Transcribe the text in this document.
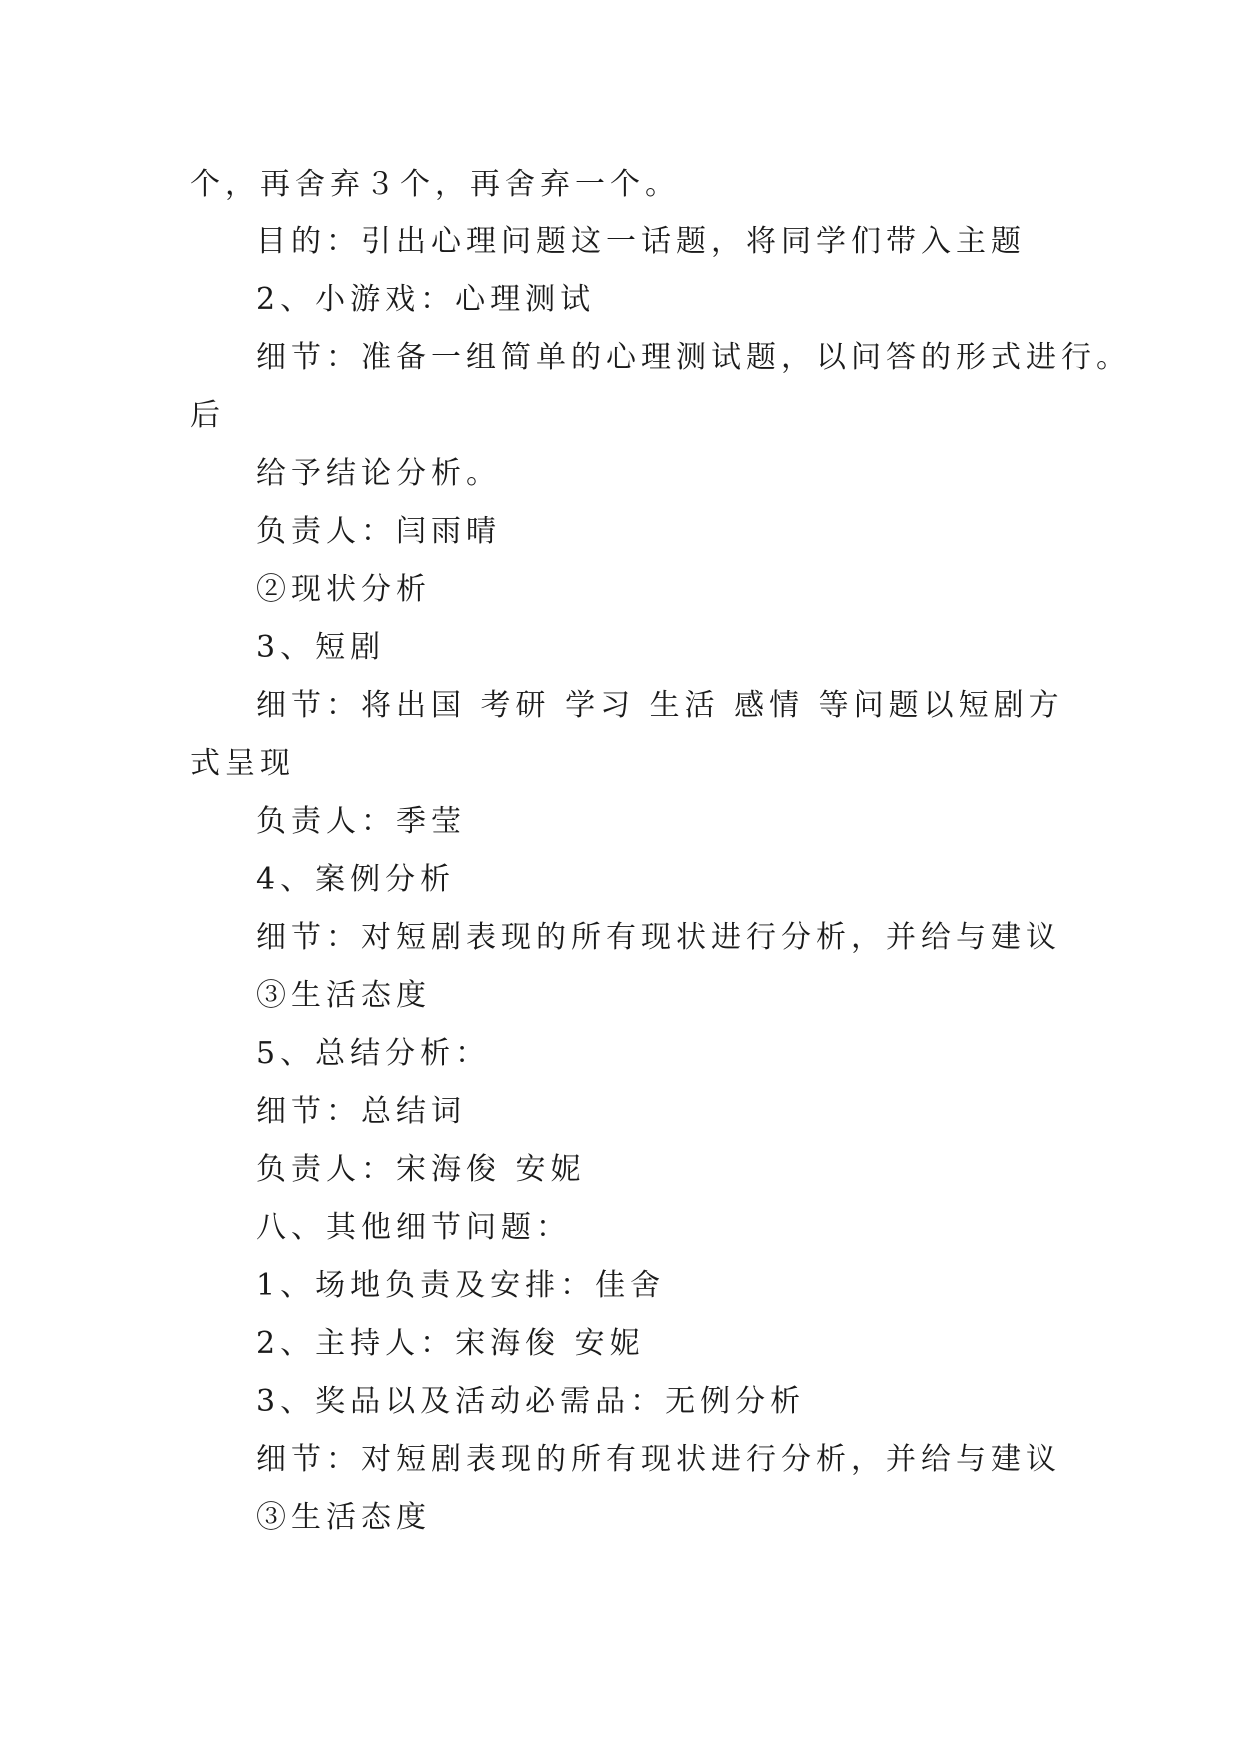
个，再舍弃３个，再舍弃一个。
目的：引出心理问题这一话题，将同学们带入主题
2、小游戏：心理测试
细节：准备一组简单的心理测试题，以问答的形式进行。
后
给予结论分析。
负责人：闫雨晴
②现状分析
3、短剧
细节：将出国 考研 学习 生活 感情 等问题以短剧方
式呈现
负责人：季莹
4、案例分析
细节：对短剧表现的所有现状进行分析，并给与建议
③生活态度
5、总结分析：
细节：总结词
负责人：宋海俊 安妮
八、其他细节问题：
1、场地负责及安排：佳舍
2、主持人：宋海俊 安妮
3、奖品以及活动必需品：无例分析
细节：对短剧表现的所有现状进行分析，并给与建议
③生活态度
